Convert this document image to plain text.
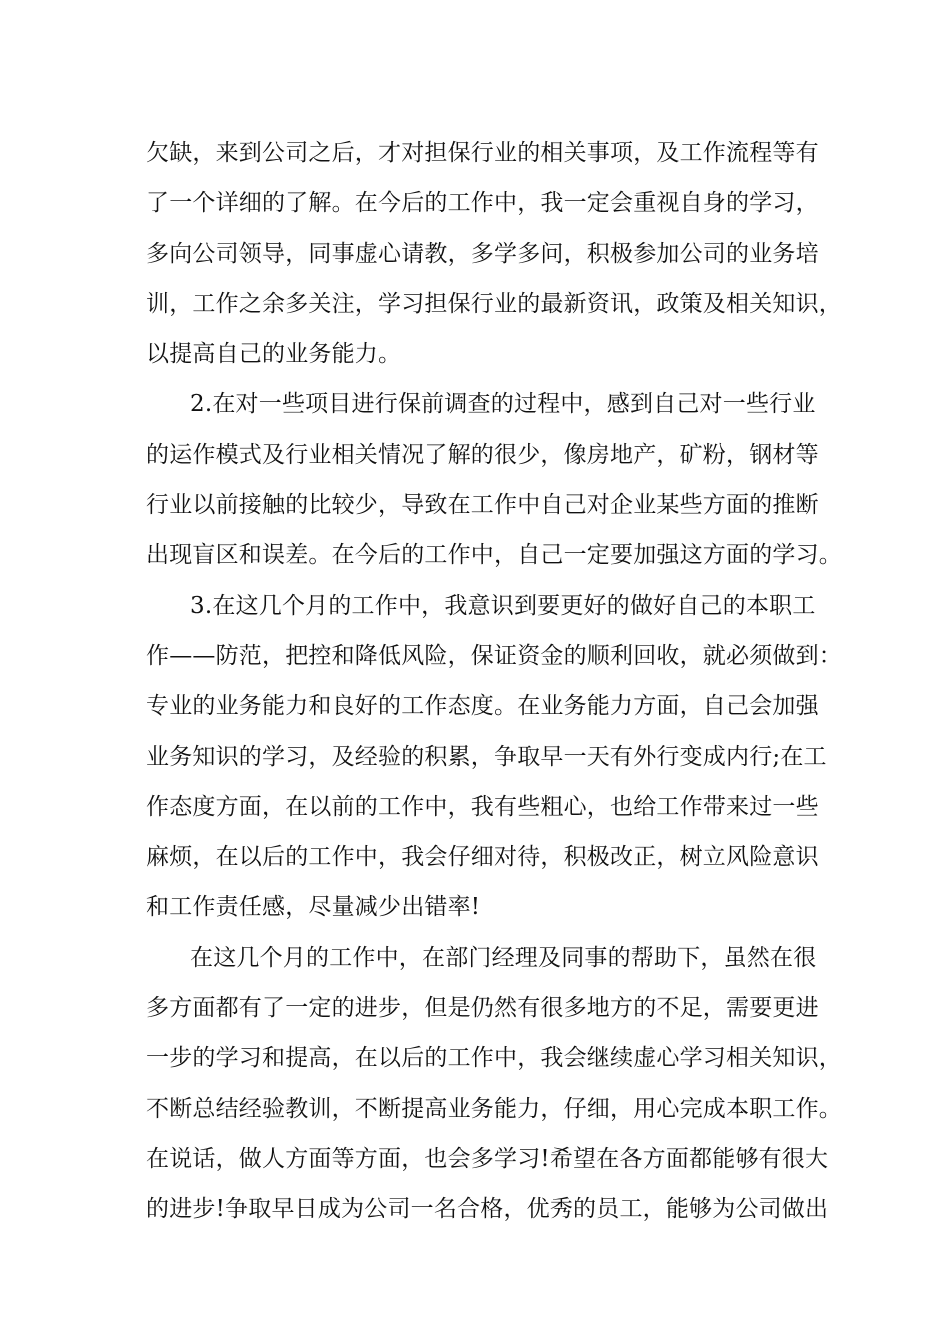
欠缺，来到公司之后，才对担保行业的相关事项，及工作流程等有
了一个详细的了解。在今后的工作中，我一定会重视自身的学习，
多向公司领导，同事虚心请教，多学多问，积极参加公司的业务培
训，工作之余多关注，学习担保行业的最新资讯，政策及相关知识，
以提高自己的业务能力。
2.在对一些项目进行保前调查的过程中，感到自己对一些行业
的运作模式及行业相关情况了解的很少，像房地产，矿粉，钢材等
行业以前接触的比较少，导致在工作中自己对企业某些方面的推断
出现盲区和误差。在今后的工作中，自己一定要加强这方面的学习。
3.在这几个月的工作中，我意识到要更好的做好自己的本职工
作——防范，把控和降低风险，保证资金的顺利回收，就必须做到：
专业的业务能力和良好的工作态度。在业务能力方面，自己会加强
业务知识的学习，及经验的积累，争取早一天有外行变成内行;在工
作态度方面，在以前的工作中，我有些粗心，也给工作带来过一些
麻烦，在以后的工作中，我会仔细对待，积极改正，树立风险意识
和工作责任感，尽量减少出错率!
在这几个月的工作中，在部门经理及同事的帮助下，虽然在很
多方面都有了一定的进步，但是仍然有很多地方的不足，需要更进
一步的学习和提高，在以后的工作中，我会继续虚心学习相关知识，
不断总结经验教训，不断提高业务能力，仔细，用心完成本职工作。
在说话，做人方面等方面，也会多学习!希望在各方面都能够有很大
的进步!争取早日成为公司一名合格，优秀的员工，能够为公司做出
